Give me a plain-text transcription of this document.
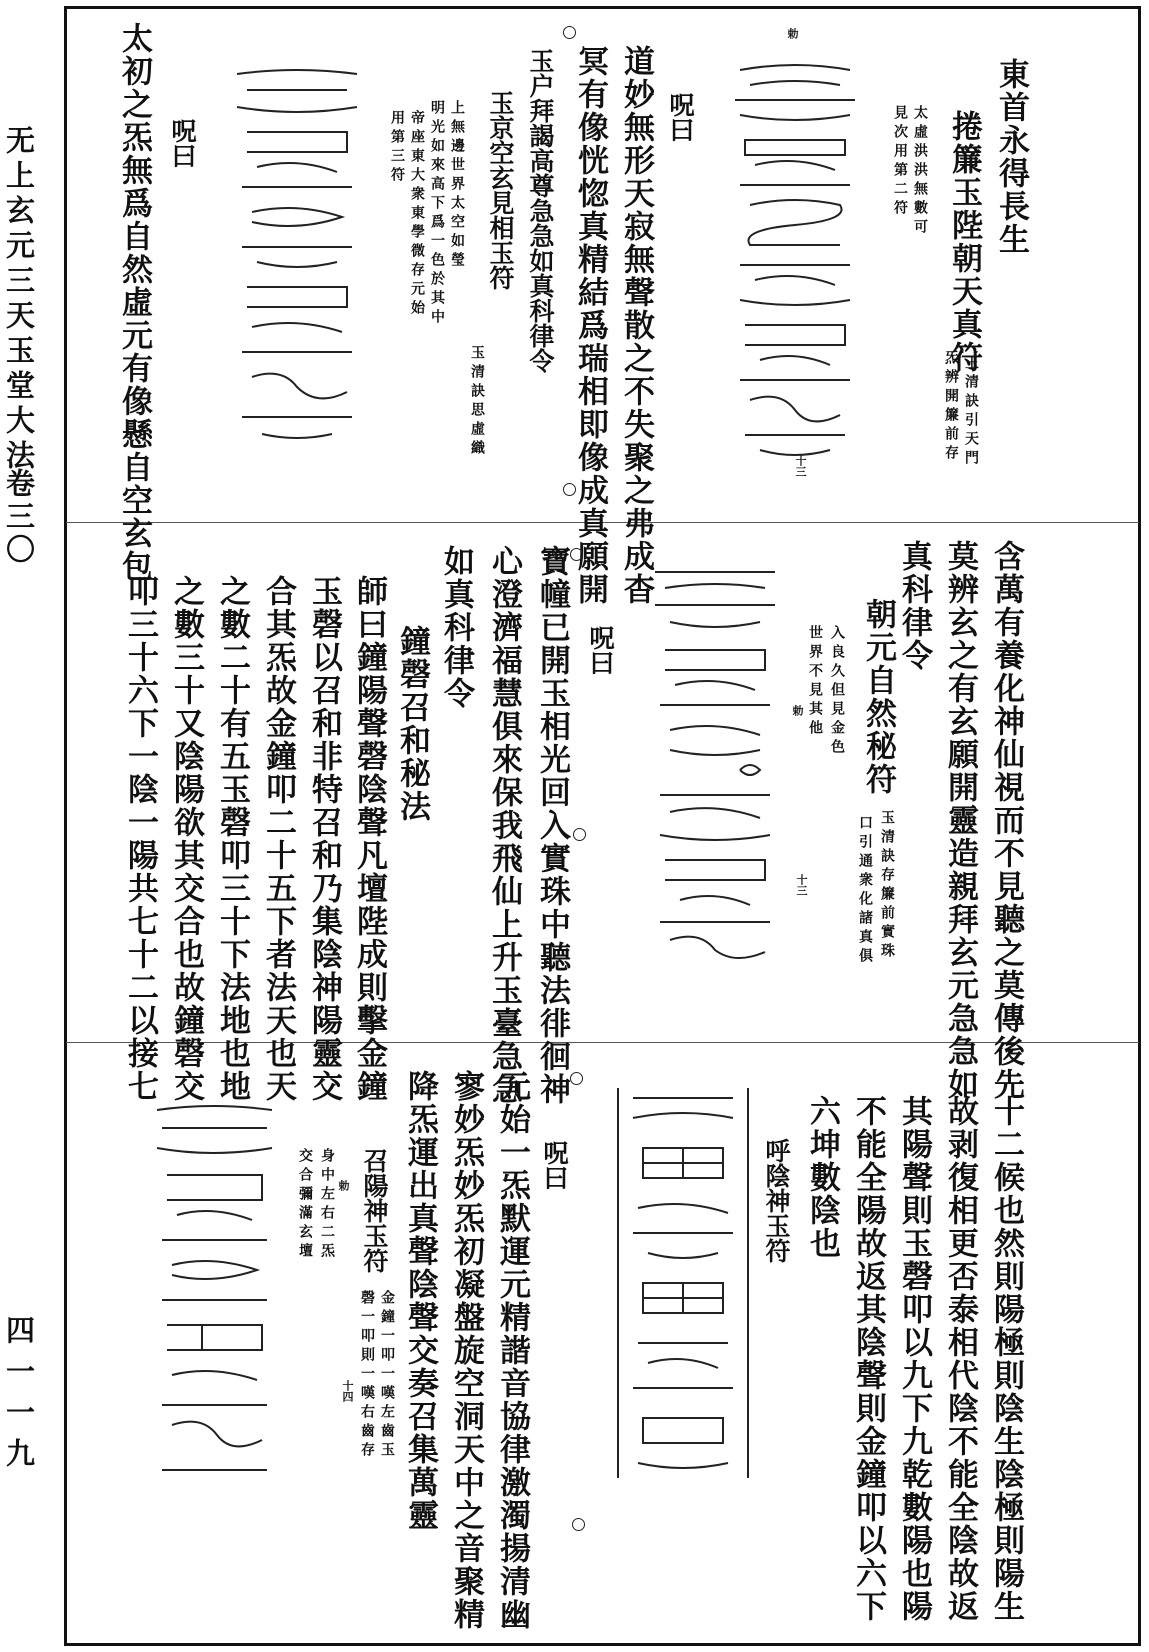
无上玄元三天玉堂大法
卷三〇
四一一九
東首永得長生
捲簾玉陛朝天真符
玉清訣引天門
炁辨開簾前存
太虛洪洪無數可
見次用第二符
勅
十三
呪曰
道妙無形天寂無聲散之不失聚之弗成杳
冥有像恍惚真精結爲瑞相即像成真願開
玉户拜謁高尊急急如真科律令
玉京空玄見相玉符
玉清訣思虛織
上無邊世界太空如瑩
明光如來高下爲一色於其中
帝座東大衆東學微存元始
用第三符
呪曰
太初之炁無爲自然虛元有像懸自空玄包
含萬有養化神仙視而不見聽之莫傳後先
莫辨玄之有玄願開靈造親拜玄元急急如
真科律令
朝元自然秘符
玉清訣存簾前實珠
口引通衆化諸真俱
入良久但見金色
世界不見其他
勅
十三
呪曰
寶幢已開玉相光回入實珠中聽法徘徊神
心澄濟福慧俱來保我飛仙上升玉臺急急
如真科律令
鐘磬召和秘法
師曰鐘陽聲磬陰聲凡壇陛成則擊金鐘
玉磬以召和非特召和乃集陰神陽靈交
合其炁故金鐘叩二十五下者法天也天
之數二十有五玉磬叩三十下法地也地
之數三十又陰陽欲其交合也故鐘磬交
叩三十六下一陰一陽共七十二以接七
十二候也然則陽極則陰生陰極則陽生
故剥復相更否泰相代陰不能全陰故返
其陽聲則玉磬叩以九下九乾數陽也陽
不能全陽故返其陰聲則金鐘叩以六下
六坤數陰也
呼陰神玉符
呪曰
元始一炁默運元精諧音協律激濁揚清幽
寥妙炁妙炁初凝盤旋空洞天中之音聚精
降炁運出真聲陰聲交奏召集萬靈
召陽神玉符
金鐘一叩一嘆左齒玉
磬一叩則一嘆右齒存
勅
十四
身中左右二炁
交合彌滿玄壇
